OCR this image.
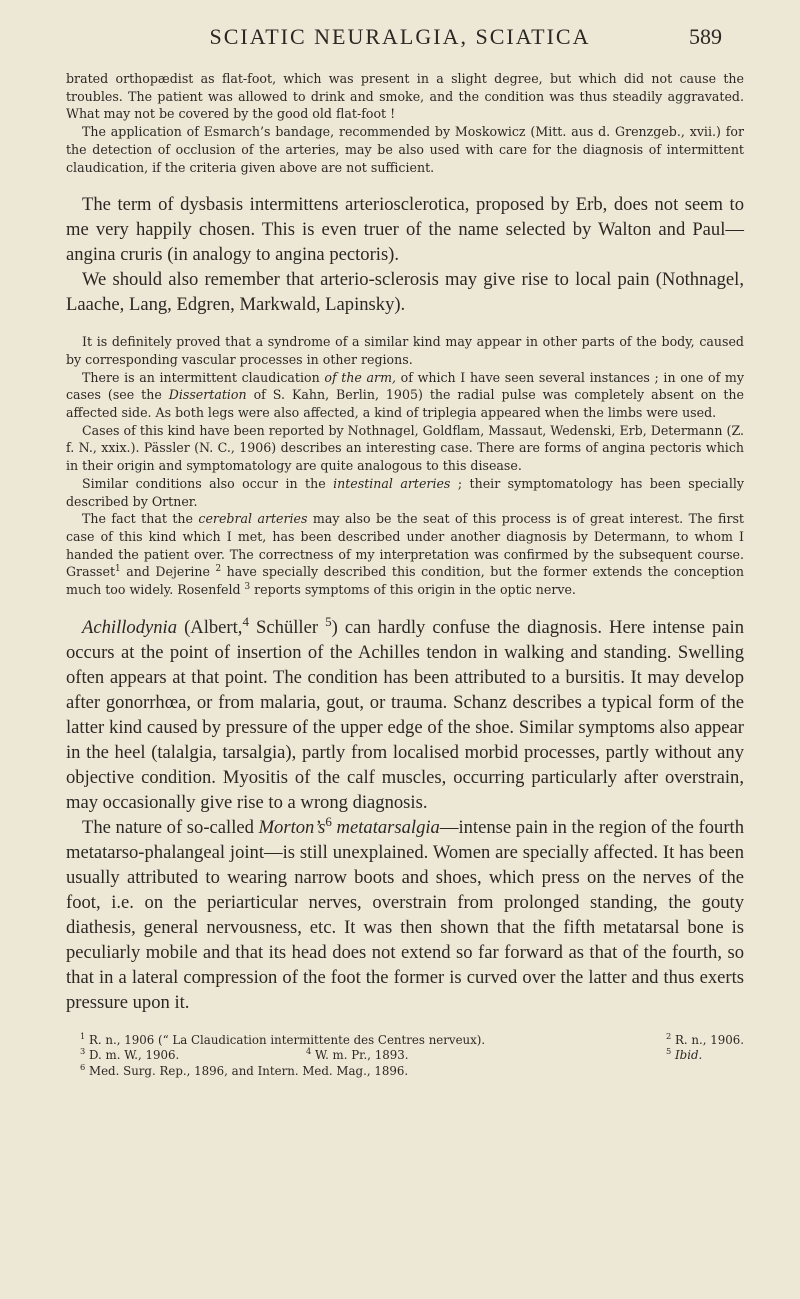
SCIATIC NEURALGIA, SCIATICA	589

brated orthopædist as flat-foot, which was present in a slight degree, but which did not cause the troubles. The patient was allowed to drink and smoke, and the condition was thus steadily aggravated. What may not be covered by the good old flat-foot !

The application of Esmarch’s bandage, recommended by Moskowicz (Mitt. aus d. Grenzgeb., xvii.) for the detection of occlusion of the arteries, may be also used with care for the diagnosis of intermittent claudication, if the criteria given above are not sufficient.

The term of dysbasis intermittens arteriosclerotica, proposed by Erb, does not seem to me very happily chosen. This is even truer of the name selected by Walton and Paul—angina cruris (in analogy to angina pectoris).

We should also remember that arterio-sclerosis may give rise to local pain (Nothnagel, Laache, Lang, Edgren, Markwald, Lapinsky).

It is definitely proved that a syndrome of a similar kind may appear in other parts of the body, caused by corresponding vascular processes in other regions.

There is an intermittent claudication of the arm, of which I have seen several instances ; in one of my cases (see the Dissertation of S. Kahn, Berlin, 1905) the radial pulse was completely absent on the affected side. As both legs were also affected, a kind of triplegia appeared when the limbs were used.

Cases of this kind have been reported by Nothnagel, Goldflam, Massaut, Wedenski, Erb, Determann (Z. f. N., xxix.). Pässler (N. C., 1906) describes an interesting case. There are forms of angina pectoris which in their origin and symptomatology are quite analogous to this disease.

Similar conditions also occur in the intestinal arteries ; their symptomatology has been specially described by Ortner.

The fact that the cerebral arteries may also be the seat of this process is of great interest. The first case of this kind which I met, has been described under another diagnosis by Determann, to whom I handed the patient over. The correctness of my interpretation was confirmed by the subsequent course. Grasset$^1$ and Dejerine $^2$ have specially described this condition, but the former extends the conception much too widely. Rosenfeld $^3$ reports symptoms of this origin in the optic nerve.

Achillodynia (Albert,$^4$ Schüller $^5$) can hardly confuse the diagnosis. Here intense pain occurs at the point of insertion of the Achilles tendon in walking and standing. Swelling often appears at that point. The condition has been attributed to a bursitis. It may develop after gonorrhœa, or from malaria, gout, or trauma. Schanz describes a typical form of the latter kind caused by pressure of the upper edge of the shoe. Similar symptoms also appear in the heel (talalgia, tarsalgia), partly from localised morbid processes, partly without any objective condition. Myositis of the calf muscles, occurring particularly after overstrain, may occasionally give rise to a wrong diagnosis.

The nature of so-called $Morton’s^6$ metatarsalgia—intense pain in the region of the fourth metatarso-phalangeal joint—is still unexplained. Women are specially affected. It has been usually attributed to wearing narrow boots and shoes, which press on the nerves of the foot, i.e. on the periarticular nerves, overstrain from prolonged standing, the gouty diathesis, general nervousness, etc. It was then shown that the fifth metatarsal bone is peculiarly mobile and that its head does not extend so far forward as that of the fourth, so that in a lateral compression of the foot the former is curved over the latter and thus exerts pressure upon it.

$^1$ R. n., 1906 (“ La Claudication intermittente des Centres nerveux).	$^2$ R. n., 1906.
$^3$ D. m. W., 1906.	$^4$ W. m. Pr., 1893.	$^5$ Ibid.
$^6$ Med. Surg. Rep., 1896, and Intern. Med. Mag., 1896.
